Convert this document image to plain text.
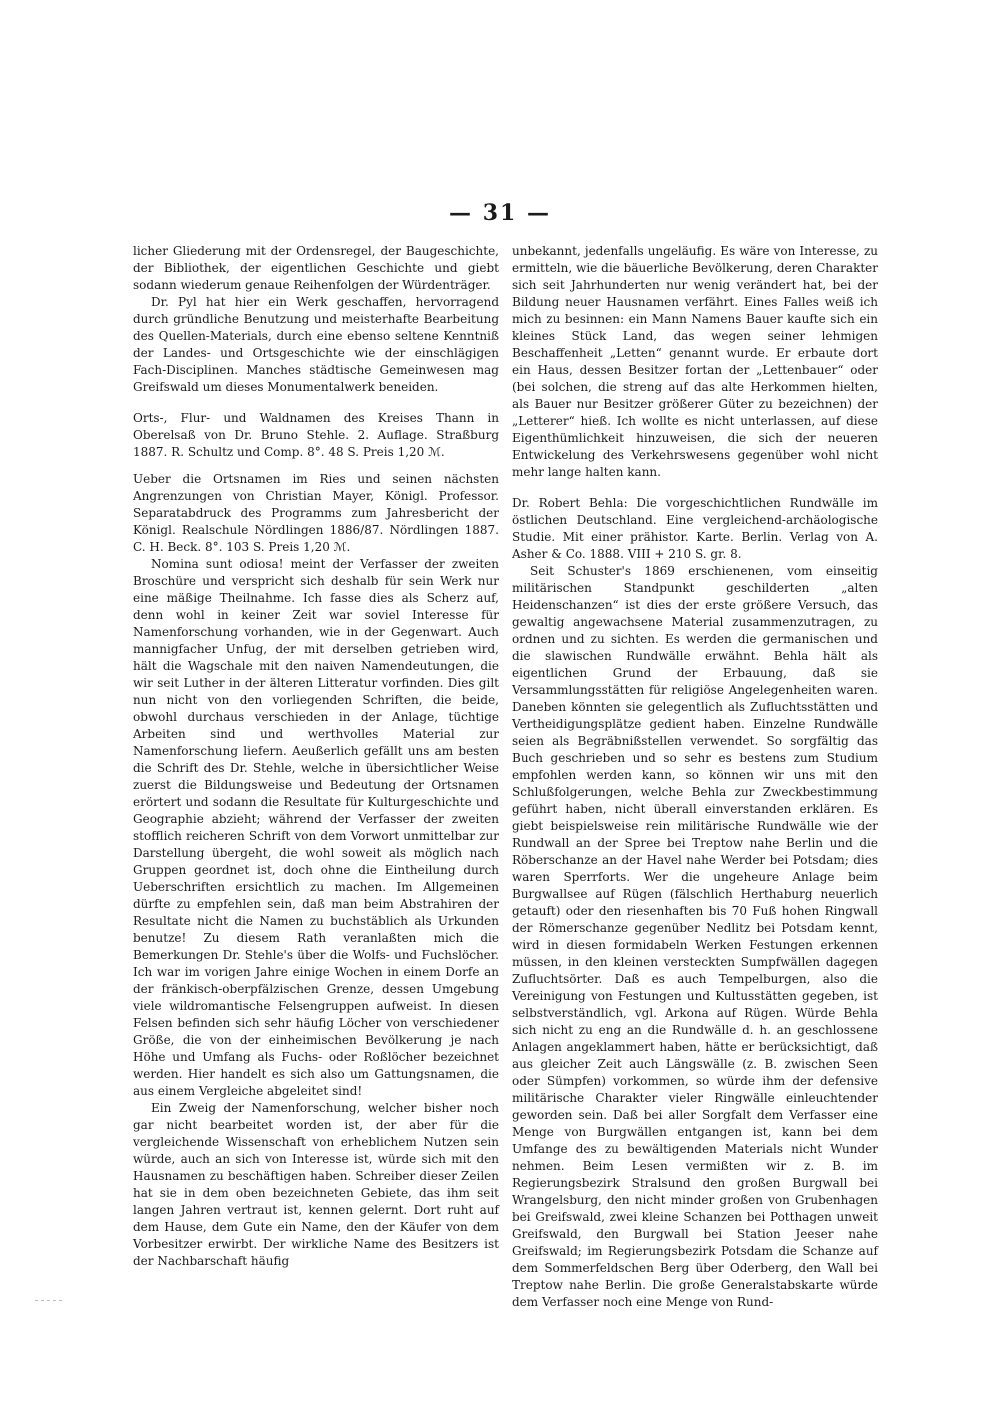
— 31 —

licher Gliederung mit der Ordensregel, der Baugeschichte, der Bibliothek, der eigentlichen Geschichte und giebt sodann wiederum genaue Reihenfolgen der Würdenträger.

Dr. Pyl hat hier ein Werk geschaffen, hervorragend durch gründliche Benutzung und meisterhafte Bearbeitung des Quellen-Materials, durch eine ebenso seltene Kenntniß der Landes- und Ortsgeschichte wie der einschlägigen Fach-Disciplinen. Manches städtische Gemeinwesen mag Greifswald um dieses Monumentalwerk beneiden.

Orts-, Flur- und Waldnamen des Kreises Thann in Oberelsaß von Dr. Bruno Stehle. 2. Auflage. Straßburg 1887. R. Schultz und Comp. 8°. 48 S. Preis 1,20 ℳ.

Ueber die Ortsnamen im Ries und seinen nächsten Angrenzungen von Christian Mayer, Königl. Professor. Separatabdruck des Programms zum Jahresbericht der Königl. Realschule Nördlingen 1886/87. Nördlingen 1887. C. H. Beck. 8°. 103 S. Preis 1,20 ℳ.

Nomina sunt odiosa! meint der Verfasser der zweiten Broschüre und verspricht sich deshalb für sein Werk nur eine mäßige Theilnahme. Ich fasse dies als Scherz auf, denn wohl in keiner Zeit war soviel Interesse für Namenforschung vorhanden, wie in der Gegenwart. Auch mannigfacher Unfug, der mit derselben getrieben wird, hält die Wagschale mit den naiven Namendeutungen, die wir seit Luther in der älteren Litteratur vorfinden. Dies gilt nun nicht von den vorliegenden Schriften, die beide, obwohl durchaus verschieden in der Anlage, tüchtige Arbeiten sind und werthvolles Material zur Namenforschung liefern. Aeußerlich gefällt uns am besten die Schrift des Dr. Stehle, welche in übersichtlicher Weise zuerst die Bildungsweise und Bedeutung der Ortsnamen erörtert und sodann die Resultate für Kulturgeschichte und Geographie abzieht; während der Verfasser der zweiten stofflich reicheren Schrift von dem Vorwort unmittelbar zur Darstellung übergeht, die wohl soweit als möglich nach Gruppen geordnet ist, doch ohne die Eintheilung durch Ueberschriften ersichtlich zu machen. Im Allgemeinen dürfte zu empfehlen sein, daß man beim Abstrahiren der Resultate nicht die Namen zu buchstäblich als Urkunden benutze! Zu diesem Rath veranlaßten mich die Bemerkungen Dr. Stehle's über die Wolfs- und Fuchslöcher. Ich war im vorigen Jahre einige Wochen in einem Dorfe an der fränkisch-oberpfälzischen Grenze, dessen Umgebung viele wildromantische Felsengruppen aufweist. In diesen Felsen befinden sich sehr häufig Löcher von verschiedener Größe, die von der einheimischen Bevölkerung je nach Höhe und Umfang als Fuchs- oder Roßlöcher bezeichnet werden. Hier handelt es sich also um Gattungsnamen, die aus einem Vergleiche abgeleitet sind!

Ein Zweig der Namenforschung, welcher bisher noch gar nicht bearbeitet worden ist, der aber für die vergleichende Wissenschaft von erheblichem Nutzen sein würde, auch an sich von Interesse ist, würde sich mit den Hausnamen zu beschäftigen haben. Schreiber dieser Zeilen hat sie in dem oben bezeichneten Gebiete, das ihm seit langen Jahren vertraut ist, kennen gelernt. Dort ruht auf dem Hause, dem Gute ein Name, den der Käufer von dem Vorbesitzer erwirbt. Der wirkliche Name des Besitzers ist der Nachbarschaft häufig

unbekannt, jedenfalls ungeläufig. Es wäre von Interesse, zu ermitteln, wie die bäuerliche Bevölkerung, deren Charakter sich seit Jahrhunderten nur wenig verändert hat, bei der Bildung neuer Hausnamen verfährt. Eines Falles weiß ich mich zu besinnen: ein Mann Namens Bauer kaufte sich ein kleines Stück Land, das wegen seiner lehmigen Beschaffenheit „Letten“ genannt wurde. Er erbaute dort ein Haus, dessen Besitzer fortan der „Lettenbauer“ oder (bei solchen, die streng auf das alte Herkommen hielten, als Bauer nur Besitzer größerer Güter zu bezeichnen) der „Letterer“ hieß. Ich wollte es nicht unterlassen, auf diese Eigenthümlichkeit hinzuweisen, die sich der neueren Entwickelung des Verkehrswesens gegenüber wohl nicht mehr lange halten kann.

Dr. Robert Behla: Die vorgeschichtlichen Rundwälle im östlichen Deutschland. Eine vergleichend-archäologische Studie. Mit einer prähistor. Karte. Berlin. Verlag von A. Asher & Co. 1888. VIII + 210 S. gr. 8.

Seit Schuster's 1869 erschienenen, vom einseitig militärischen Standpunkt geschilderten „alten Heidenschanzen“ ist dies der erste größere Versuch, das gewaltig angewachsene Material zusammenzutragen, zu ordnen und zu sichten. Es werden die germanischen und die slawischen Rundwälle erwähnt. Behla hält als eigentlichen Grund der Erbauung, daß sie Versammlungsstätten für religiöse Angelegenheiten waren. Daneben könnten sie gelegentlich als Zufluchtsstätten und Vertheidigungsplätze gedient haben. Einzelne Rundwälle seien als Begräbnißstellen verwendet. So sorgfältig das Buch geschrieben und so sehr es bestens zum Studium empfohlen werden kann, so können wir uns mit den Schlußfolgerungen, welche Behla zur Zweckbestimmung geführt haben, nicht überall einverstanden erklären. Es giebt beispielsweise rein militärische Rundwälle wie der Rundwall an der Spree bei Treptow nahe Berlin und die Röberschanze an der Havel nahe Werder bei Potsdam; dies waren Sperrforts. Wer die ungeheure Anlage beim Burgwallsee auf Rügen (fälschlich Herthaburg neuerlich getauft) oder den riesenhaften bis 70 Fuß hohen Ringwall der Römerschanze gegenüber Nedlitz bei Potsdam kennt, wird in diesen formidabeln Werken Festungen erkennen müssen, in den kleinen versteckten Sumpfwällen dagegen Zufluchtsörter. Daß es auch Tempelburgen, also die Vereinigung von Festungen und Kultusstätten gegeben, ist selbstverständlich, vgl. Arkona auf Rügen. Würde Behla sich nicht zu eng an die Rundwälle d. h. an geschlossene Anlagen angeklammert haben, hätte er berücksichtigt, daß aus gleicher Zeit auch Längswälle (z. B. zwischen Seen oder Sümpfen) vorkommen, so würde ihm der defensive militärische Charakter vieler Ringwälle einleuchtender geworden sein. Daß bei aller Sorgfalt dem Verfasser eine Menge von Burgwällen entgangen ist, kann bei dem Umfange des zu bewältigenden Materials nicht Wunder nehmen. Beim Lesen vermißten wir z. B. im Regierungsbezirk Stralsund den großen Burgwall bei Wrangelsburg, den nicht minder großen von Grubenhagen bei Greifswald, zwei kleine Schanzen bei Potthagen unweit Greifswald, den Burgwall bei Station Jeeser nahe Greifswald; im Regierungsbezirk Potsdam die Schanze auf dem Sommerfeldschen Berg über Oderberg, den Wall bei Treptow nahe Berlin. Die große Generalstabskarte würde dem Verfasser noch eine Menge von Rund-
